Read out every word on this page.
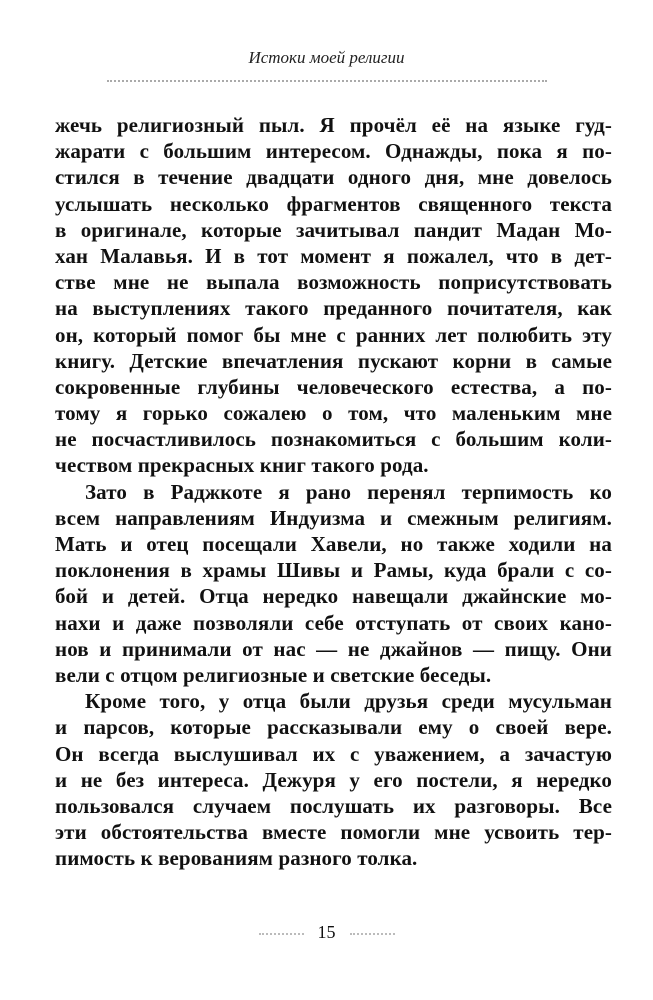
Истоки моей религии
жечь религиозный пыл. Я прочёл её на языке гуд-
жарати с большим интересом. Однажды, пока я по-
стился в течение двадцати одного дня, мне довелось
услышать несколько фрагментов священного текста
в оригинале, которые зачитывал пандит Мадан Мо-
хан Малавья. И в тот момент я пожалел, что в дет-
стве мне не выпала возможность поприсутствовать
на выступлениях такого преданного почитателя, как
он, который помог бы мне с ранних лет полюбить эту
книгу. Детские впечатления пускают корни в самые
сокровенные глубины человеческого естества, а по-
тому я горько сожалею о том, что маленьким мне
не посчастливилось познакомиться с большим коли-
чеством прекрасных книг такого рода.
Зато в Раджкоте я рано перенял терпимость ко
всем направлениям Индуизма и смежным религиям.
Мать и отец посещали Хавели, но также ходили на
поклонения в храмы Шивы и Рамы, куда брали с со-
бой и детей. Отца нередко навещали джайнские мо-
нахи и даже позволяли себе отступать от своих кано-
нов и принимали от нас — не джайнов — пищу. Они
вели с отцом религиозные и светские беседы.
Кроме того, у отца были друзья среди мусульман
и парсов, которые рассказывали ему о своей вере.
Он всегда выслушивал их с уважением, а зачастую
и не без интереса. Дежуря у его постели, я нередко
пользовался случаем послушать их разговоры. Все
эти обстоятельства вместе помогли мне усвоить тер-
пимость к верованиям разного толка.
15
